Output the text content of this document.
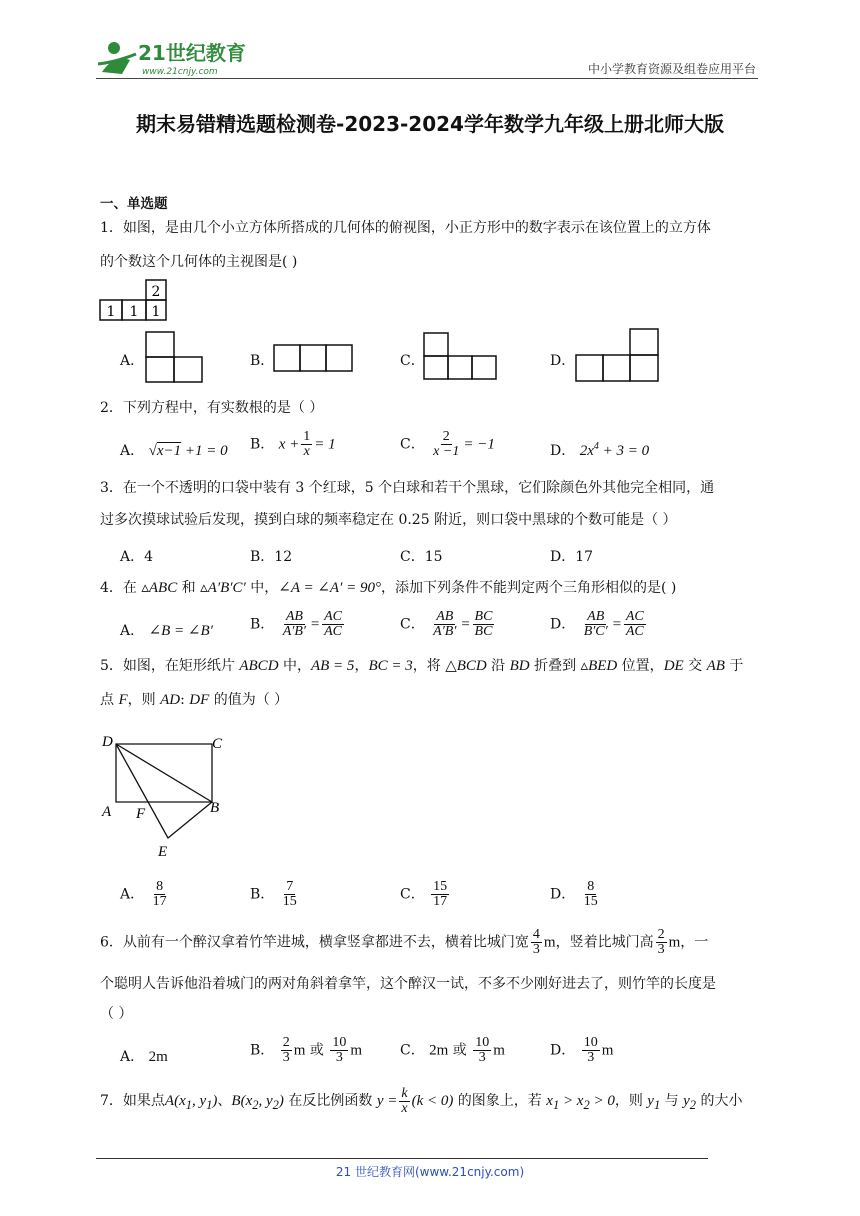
21世纪教育
www.21cnjy.com	中小学教育资源及组卷应用平台
期末易错精选题检测卷-2023-2024学年数学九年级上册北师大版
一、单选题
1．如图，是由几个小立方体所搭成的几何体的俯视图，小正方形中的数字表示在该位置上的立方体
的个数这个几何体的主视图是( )
2
1 1 1
A．	B．	C．	D．
2．下列方程中，有实数根的是（ ）
A． √x−1 +1 = 0 B． $x + \frac{1}{x} = 1$	C． $\frac{2}{x -1} = -1$	D． $2x^4 + 3 = 0$
3．在一个不透明的口袋中装有 3 个红球，5 个白球和若干个黑球，它们除颜色外其他完全相同，通
过多次摸球试验后发现，摸到白球的频率稳定在 0.25 附近，则口袋中黑球的个数可能是（ ）
A．4	B．12	C．15	D．17
4．在 ▵ABC 和 ▵A′B′C′ 中，∠A = ∠A′ = 90°，添加下列条件不能判定两个三角形相似的是( )
A． ∠B = ∠B′	B． $\frac{AB}{A'B'} = \frac{AC}{AC}$	C． $\frac{AB}{A'B'} = \frac{BC}{BC}$	D． $\frac{AB}{B'C'} = \frac{AC}{AC}$
5．如图，在矩形纸片 ABCD 中，AB = 5，BC = 3，将 △BCD 沿 BD 折叠到 ▵BED 位置，DE 交 AB 于
点 F，则 AD: DF 的值为（ ）
D	C
A F	B
E
A． $\frac{8}{17}$	B． $\frac{7}{15}$	C． $\frac{15}{17}$	D． $\frac{8}{15}$
6．从前有一个醉汉拿着竹竿进城，横拿竖拿都进不去，横着比城门宽 $\frac{4}{3}$ m，竖着比城门高 $\frac{2}{3}$ m，一
个聪明人告诉他沿着城门的两对角斜着拿竿，这个醉汉一试，不多不少刚好进去了，则竹竿的长度是
（ ）
A． 2m	B． $\frac{2}{3}$ m 或 $\frac{10}{3}$ m	C． 2m 或 $\frac{10}{3}$ m	D． $\frac{10}{3}$ m
7．如果点$A(x_1$, $y_1$)、$B(x_2$, $y_2$) 在反比例函数 $y = \frac{k}{x} (k < 0)$ 的图象上，若 $x_1 > x_2 > 0$，则 $y_1$ 与 $y_2$ 的大小
21 世纪教育网(www.21cnjy.com)
